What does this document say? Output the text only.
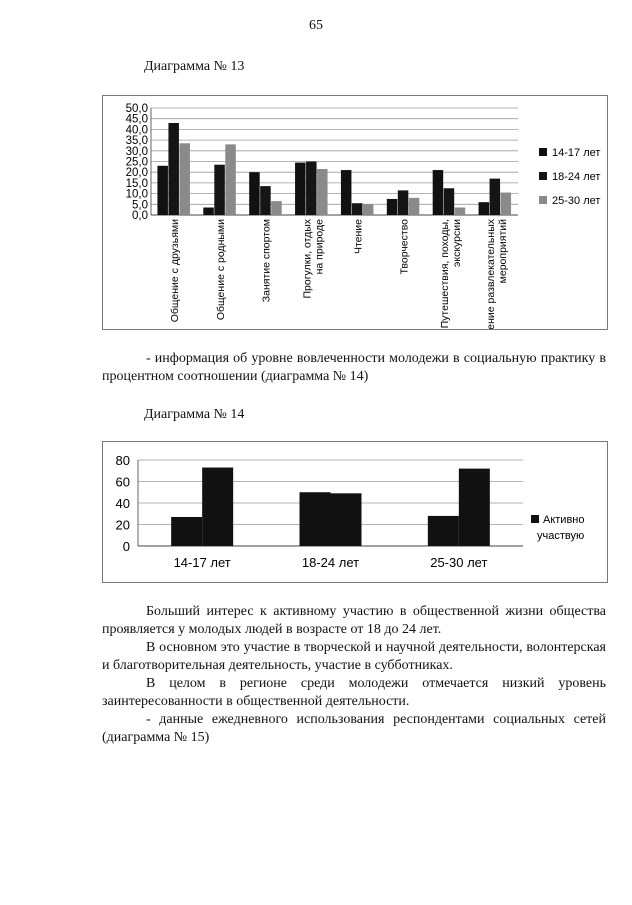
65
Диаграмма № 13
0,0
5,0
10,0
15,0
20,0
25,0
30,0
35,0
40,0
45,0
50,0
Общение с друзьями	Общение с родными	Занятие спортом	Прогулки, отдыхна природе	Чтение	Творчество	Путешествия, походы,экскурсии Посещение развлекательныхмероприятий
14-17 лет
18-24 лет
25-30 лет
- информация об уровне вовлеченности молодежи в социальную практику в процентном соотношении (диаграмма № 14)
Диаграмма № 14
0
20
40
60
80
14-17 лет	18-24 лет	25-30 лет
Активно участвую
Больший интерес к активному участию в общественной жизни общества проявляется у молодых людей в возрасте от 18 до 24 лет.
В основном это участие в творческой и научной деятельности, волонтерская и благотворительная деятельность, участие в субботниках.
В целом в регионе среди молодежи отмечается низкий уровень заинтересованности в общественной деятельности.
- данные ежедневного использования респондентами социальных сетей (диаграмма № 15)
